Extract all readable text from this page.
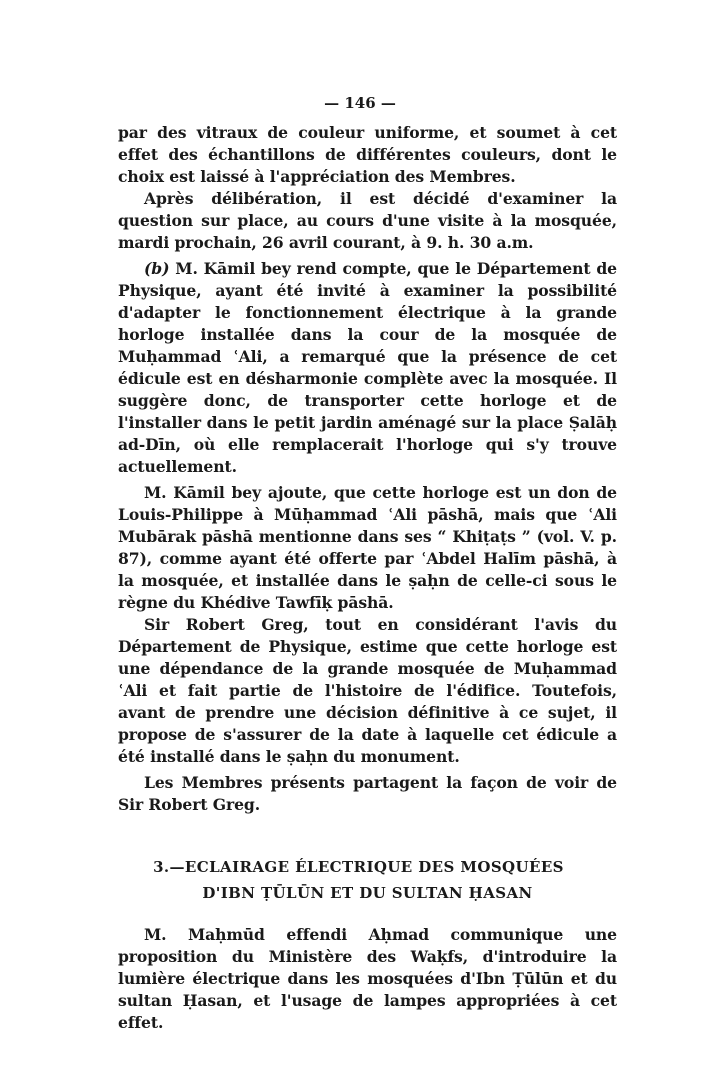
— 146 —

par des vitraux de couleur uniforme, et soumet à cet effet des échantillons de différentes couleurs, dont le choix est laissé à l'appréciation des Membres.

Après délibération, il est décidé d'examiner la question sur place, au cours d'une visite à la mosquée, mardi prochain, 26 avril courant, à 9. h. 30 a.m.

(b) M. Kāmil bey rend compte, que le Département de Physique, ayant été invité à examiner la possibilité d'adapter le fonctionnement électrique à la grande horloge installée dans la cour de la mosquée de Muḥammad ʿAli, a remarqué que la présence de cet édicule est en désharmonie complète avec la mosquée. Il suggère donc, de transporter cette horloge et de l'installer dans le petit jardin aménagé sur la place Ṣalāḥ ad-Dīn, où elle remplacerait l'horloge qui s'y trouve actuellement.

M. Kāmil bey ajoute, que cette horloge est un don de Louis-Philippe à Mūḥammad ʿAli pāshā, mais que ʿAli Mubārak pāshā mentionne dans ses “ Khiṭaṭs ” (vol. V. p. 87), comme ayant été offerte par ʿAbdel Halīm pāshā, à la mosquée, et installée dans le ṣaḥn de celle-ci sous le règne du Khédive Tawfīḳ pāshā.

Sir Robert Greg, tout en considérant l'avis du Département de Physique, estime que cette horloge est une dépendance de la grande mosquée de Muḥammad ʿAli et fait partie de l'histoire de l'édifice. Toutefois, avant de prendre une décision définitive à ce sujet, il propose de s'assurer de la date à laquelle cet édicule a été installé dans le ṣaḥn du monument.

Les Membres présents partagent la façon de voir de Sir Robert Greg.

3.—ECLAIRAGE ÉLECTRIQUE DES MOSQUÉES
D'IBN ṬŪLŪN ET DU SULTAN ḤASAN

M. Maḥmūd effendi Aḥmad communique une proposition du Ministère des Waḳfs, d'introduire la lumière électrique dans les mosquées d'Ibn Ṭūlūn et du sultan Ḥasan, et l'usage de lampes appropriées à cet effet.
